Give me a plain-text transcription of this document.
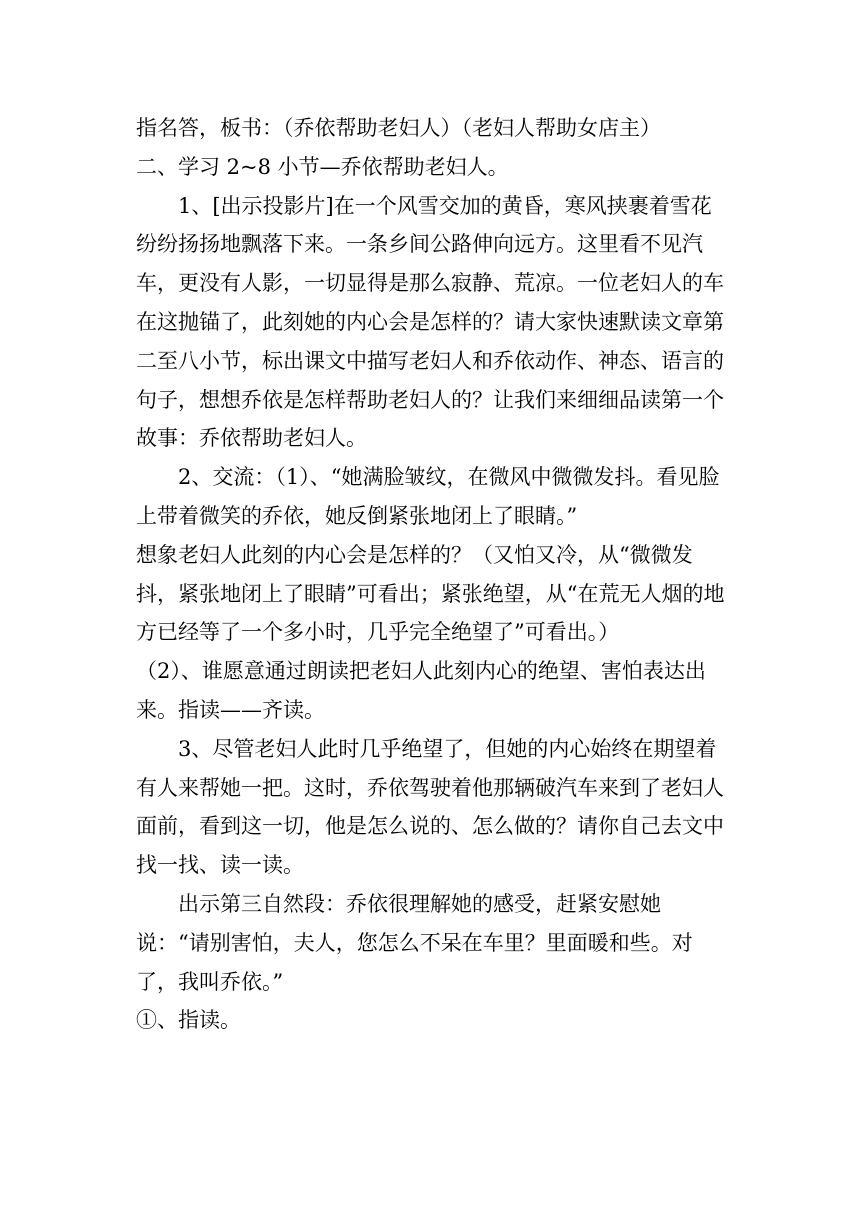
指名答，板书：（乔依帮助老妇人）（老妇人帮助女店主）

二、学习 2~8 小节—乔依帮助老妇人。

1、[出示投影片]在一个风雪交加的黄昏，寒风挟裹着雪花纷纷扬扬地飘落下来。一条乡间公路伸向远方。这里看不见汽车，更没有人影，一切显得是那么寂静、荒凉。一位老妇人的车在这抛锚了，此刻她的内心会是怎样的？请大家快速默读文章第二至八小节，标出课文中描写老妇人和乔依动作、神态、语言的句子，想想乔依是怎样帮助老妇人的？让我们来细细品读第一个故事：乔依帮助老妇人。

2、交流：（1）、“她满脸皱纹，在微风中微微发抖。看见脸上带着微笑的乔依，她反倒紧张地闭上了眼睛。”

想象老妇人此刻的内心会是怎样的？（又怕又冷，从“微微发抖，紧张地闭上了眼睛”可看出；紧张绝望，从“在荒无人烟的地方已经等了一个多小时，几乎完全绝望了”可看出。）

（2）、谁愿意通过朗读把老妇人此刻内心的绝望、害怕表达出来。指读——齐读。

3、尽管老妇人此时几乎绝望了，但她的内心始终在期望着有人来帮她一把。这时，乔依驾驶着他那辆破汽车来到了老妇人面前，看到这一切，他是怎么说的、怎么做的？请你自己去文中找一找、读一读。

出示第三自然段：乔依很理解她的感受，赶紧安慰她说：“请别害怕，夫人，您怎么不呆在车里？里面暖和些。对了，我叫乔依。”

①、指读。
